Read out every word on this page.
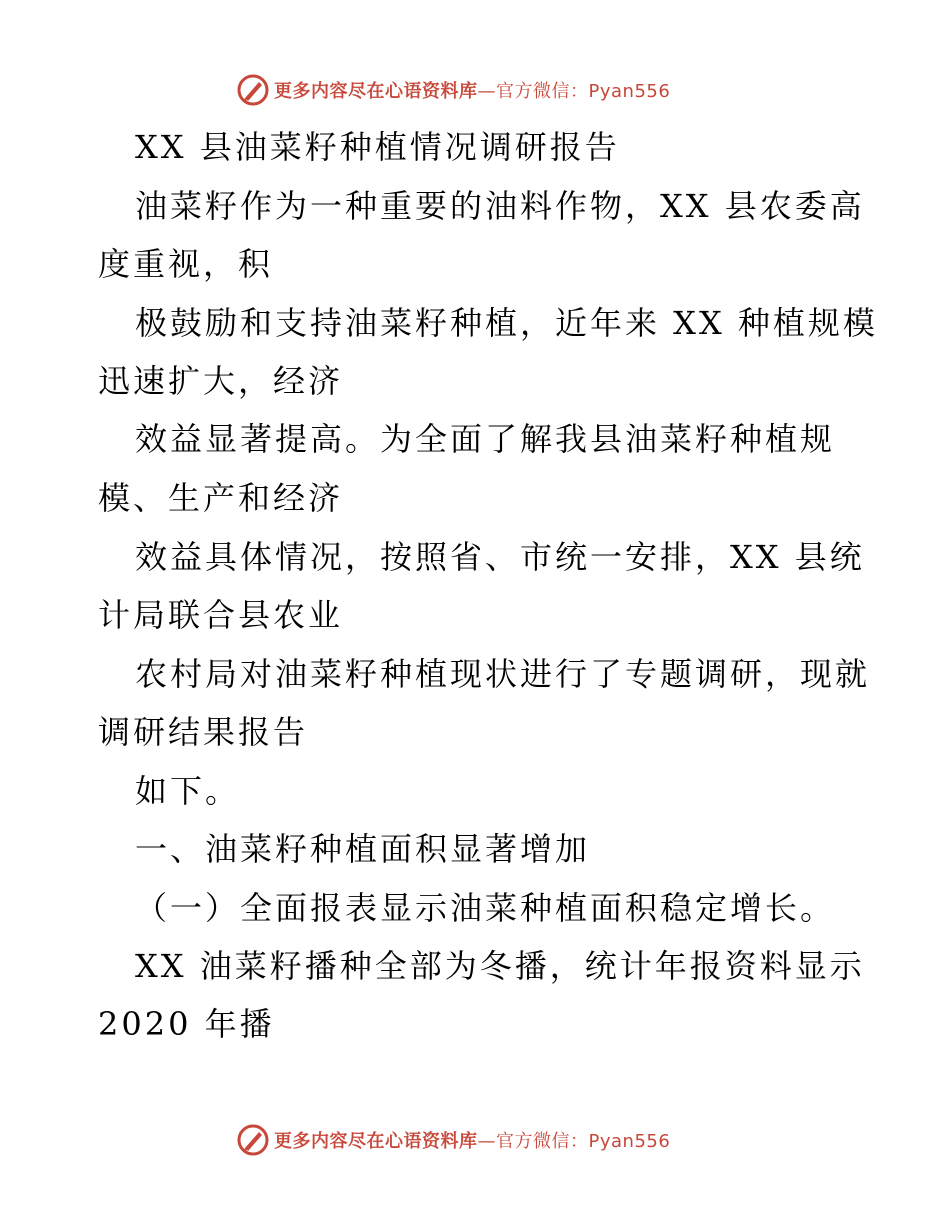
更多内容尽在心语资料库 —官方微信：Pyan556
XX 县油菜籽种植情况调研报告
油菜籽作为一种重要的油料作物，XX 县农委高
度重视，积
极鼓励和支持油菜籽种植，近年来 XX 种植规模
迅速扩大，经济
效益显著提高。为全面了解我县油菜籽种植规
模、生产和经济
效益具体情况，按照省、市统一安排，XX 县统
计局联合县农业
农村局对油菜籽种植现状进行了专题调研，现就
调研结果报告
如下。
一、油菜籽种植面积显著增加
（一）全面报表显示油菜种植面积稳定增长。
XX 油菜籽播种全部为冬播，统计年报资料显示
2020 年播
更多内容尽在心语资料库 —官方微信：Pyan556
